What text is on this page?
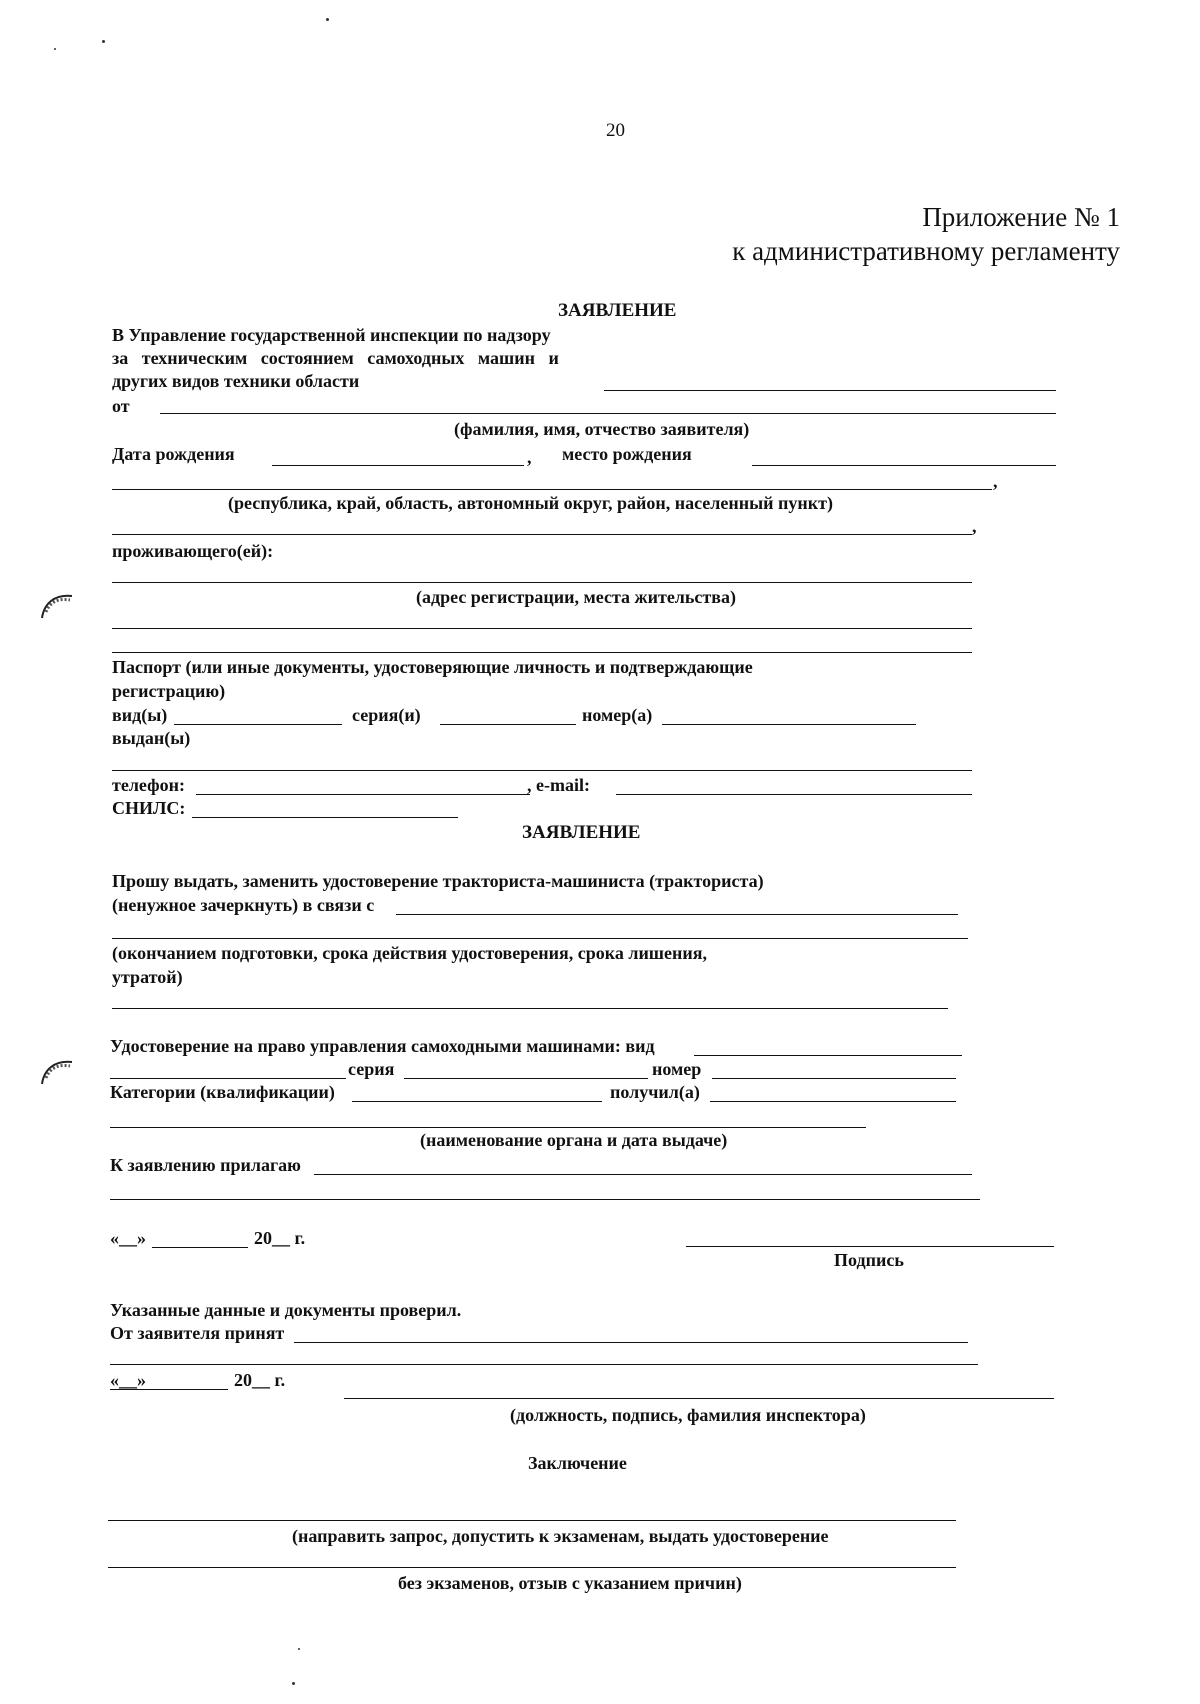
20
Приложение № 1
к административному регламенту
ЗАЯВЛЕНИЕ
В Управление государственной инспекции по надзору
за техническим состоянием самоходных машин и
других видов техники области
от
(фамилия, имя, отчество заявителя)
Дата рождения	, место рождения
,
(республика, край, область, автономный округ, район, населенный пункт)
,
проживающего(ей):
(адрес регистрации, места жительства)
Паспорт (или иные документы, удостоверяющие личность и подтверждающие
регистрацию)
вид(ы)	серия(и)	номер(а)
выдан(ы)
телефон:	, e-mail:
СНИЛС:
ЗАЯВЛЕНИЕ
Прошу выдать, заменить удостоверение тракториста-машиниста (тракториста)
(ненужное зачеркнуть) в связи с
(окончанием подготовки, срока действия удостоверения, срока лишения,
утратой)
Удостоверение на право управления самоходными машинами: вид
серия	номер
Категории (квалификации)	получил(а)
(наименование органа и дата выдаче)
К заявлению прилагаю
«__»	20__ г.
Подпись
Указанные данные и документы проверил.
От заявителя принят
«__»	20__ г.
(должность, подпись, фамилия инспектора)
Заключение
(направить запрос, допустить к экзаменам, выдать удостоверение
без экзаменов, отзыв с указанием причин)
